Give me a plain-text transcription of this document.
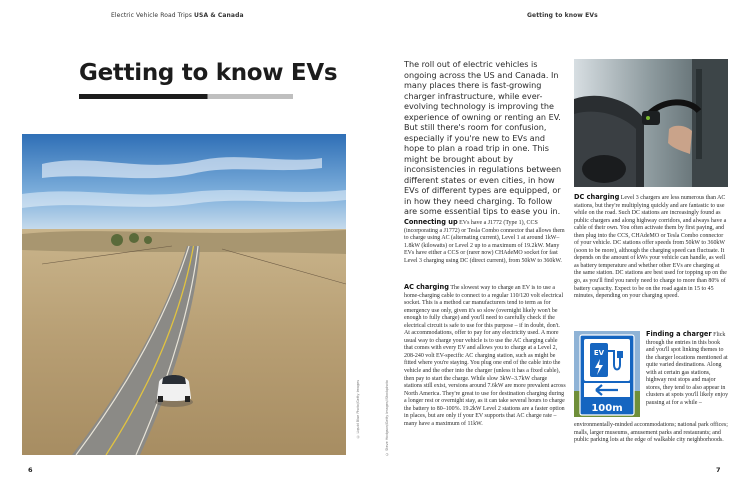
Electric Vehicle Road Trips USA & Canada	Getting to know EVs
Getting to know EVs
© Liquid Blue Photo/Getty Images	© Steve Hodgson/Getty Images/iStockphoto
The roll out of electric vehicles is ongoing across the US and Canada. In many places there is fast-growing charger infrastructure, while ever-evolving technology is improving the experience of owning or renting an EV. But still there's room for confusion, especially if you're new to EVs and hope to plan a road trip in one. This might be brought about by inconsistencies in regulations between different states or even cities, in how EVs of different types are equipped, or in how they need charging. To follow are some essential tips to ease you in.
Connecting up EVs have a J1772 (Type 1), CCS (incorporating a J1772) or Tesla Combo connector that allows them to charge using AC (alternating current), Level 1 at around 1kW–1.8kW (kilowatts) or Level 2 up to a maximum of 19.2kW. Many EVs have either a CCS or (rarer now) CHAdeMO socket for fast Level 3 charging using DC (direct current), from 50kW to 360kW.
AC charging The slowest way to charge an EV is to use a home-charging cable to connect to a regular 110/120 volt electrical socket. This is a method car manufacturers tend to term as for emergency use only, given it's so slow (overnight likely won't be enough to fully charge) and you'll need to carefully check if the electrical circuit is safe to use for this purpose – if in doubt, don't. At accommodations, offer to pay for any electricity used. A more usual way to charge your vehicle is to use the AC charging cable that comes with every EV and allows you to charge at a Level 2, 208-240 volt EV-specific AC charging station, such as might be fitted where you're staying. You plug one end of the cable into the vehicle and the other into the charger (unless it has a fixed cable), then pay to start the charge. While slow 3kW–3.7kW charge stations still exist, versions around 7.6kW are more prevalent across North America. They're great to use for destination charging during a longer rest or overnight stay, as it can take several hours to charge the battery to 80–100%. 19.2kW Level 2 stations are a faster option in places, but are only if your EV supports that AC charge rate – many have a maximum of 11kW.
DC charging Level 3 chargers are less numerous than AC stations, but they're multiplying quickly and are fantastic to use while on the road. Such DC stations are increasingly found as public chargers and along highway corridors, and always have a cable of their own. You often activate them by first paying, and then plug into the CCS, CHAdeMO or Tesla Combo connector of your vehicle. DC stations offer speeds from 50kW to 360kW (soon to be more), although the charging speed can fluctuate. It depends on the amount of kWs your vehicle can handle, as well as battery temperature and whether other EVs are charging at the same station. DC stations are best used for topping up on the go, as you'll find you rarely need to charge to more than 80% of battery capacity. Expect to be on the road again in 15 to 45 minutes, depending on your charging speed.
EV
100m
Finding a charger Flick through the entries in this book and you'll spot linking themes to the charger locations mentioned at quite varied destinations. Along with at certain gas stations, highway rest stops and major stores, they tend to also appear in clusters at spots you'll likely enjoy pausing at for a while –
environmentally-minded accommodations; national park offices; malls, larger museums, amusement parks and restaurants; and public parking lots at the edge of walkable city neighborhoods.
6	7
